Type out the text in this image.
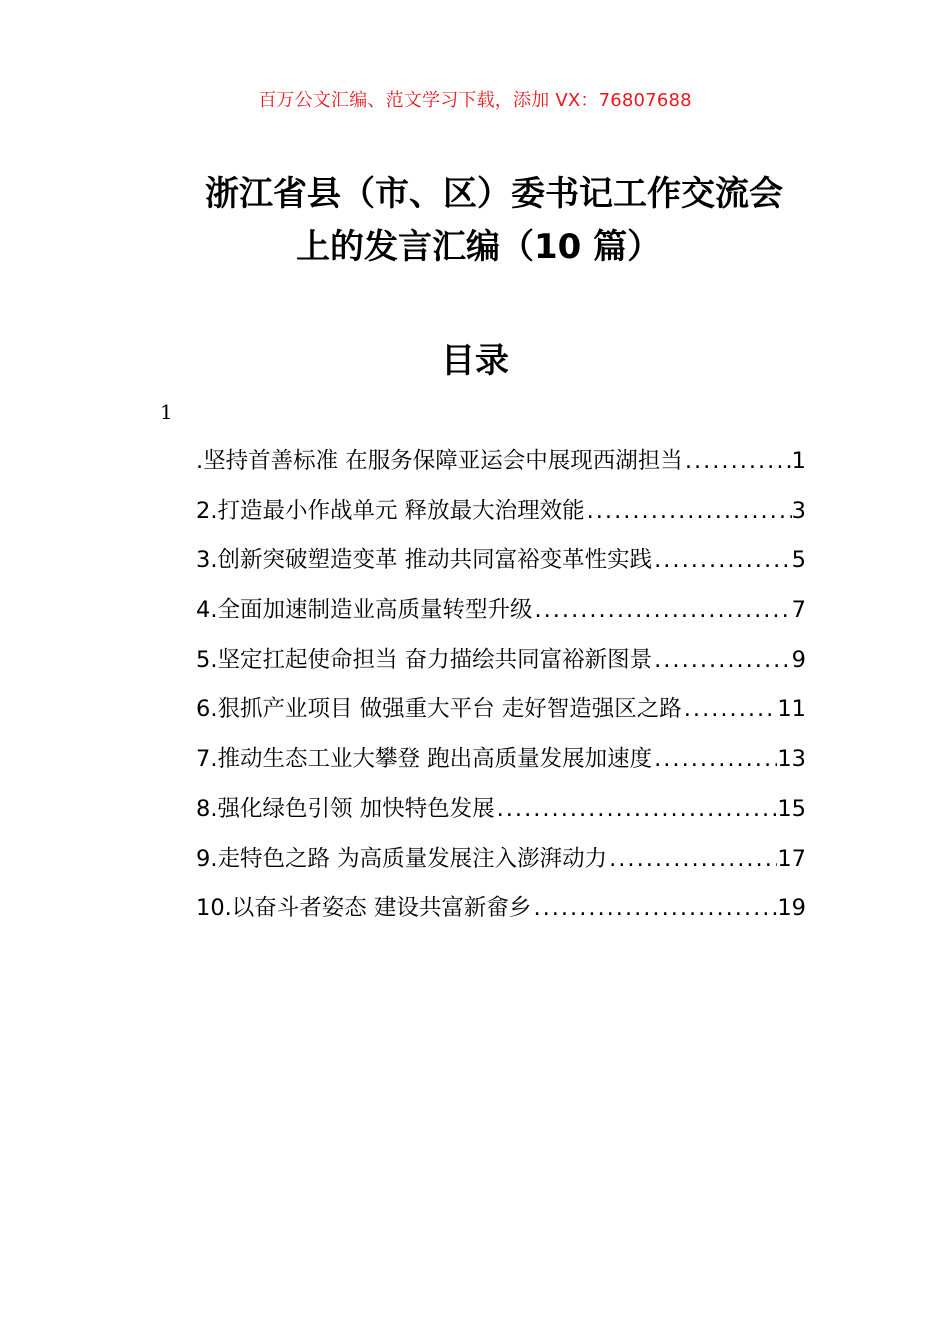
百万公文汇编、范文学习下载，添加 VX：76807688
浙江省县（市、区）委书记工作交流会
上的发言汇编（10 篇）
目录
1
.坚持首善标准 在服务保障亚运会中展现西湖担当 .....	1
2.打造最小作战单元 释放最大治理效能 .....	3
3.创新突破塑造变革 推动共同富裕变革性实践 .....	5
4.全面加速制造业高质量转型升级 .....	7
5.坚定扛起使命担当 奋力描绘共同富裕新图景 .....	9
6.狠抓产业项目 做强重大平台 走好智造强区之路 .....	11
7.推动生态工业大攀登 跑出高质量发展加速度 .....	13
8.强化绿色引领 加快特色发展 .....	15
9.走特色之路 为高质量发展注入澎湃动力 .....	17
10.以奋斗者姿态 建设共富新畲乡 .....	19
